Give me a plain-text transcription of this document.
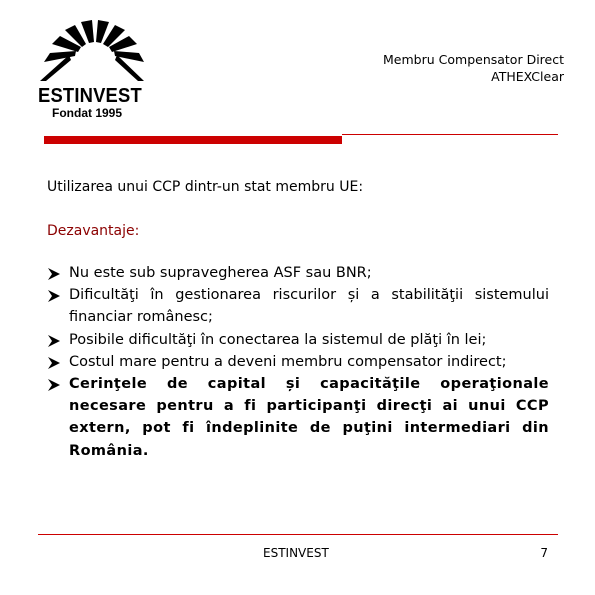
ESTINVEST
Fondat 1995
Membru Compensator Direct
ATHEXClear
Utilizarea unui CCP dintr-un stat membru UE:
Dezavantaje:
Nu este sub supravegherea ASF sau BNR;
Dificultăţi în gestionarea riscurilor și a stabilităţii sistemului financiar românesc;
Posibile dificultăţi în conectarea la sistemul de plăţi în lei;
Costul mare pentru a deveni membru compensator indirect;
Cerinţele de capital și capacităţile operaţionale necesare pentru a fi participanţi direcţi ai unui CCP extern, pot fi îndeplinite de puţini intermediari din România.
ESTINVEST	7
